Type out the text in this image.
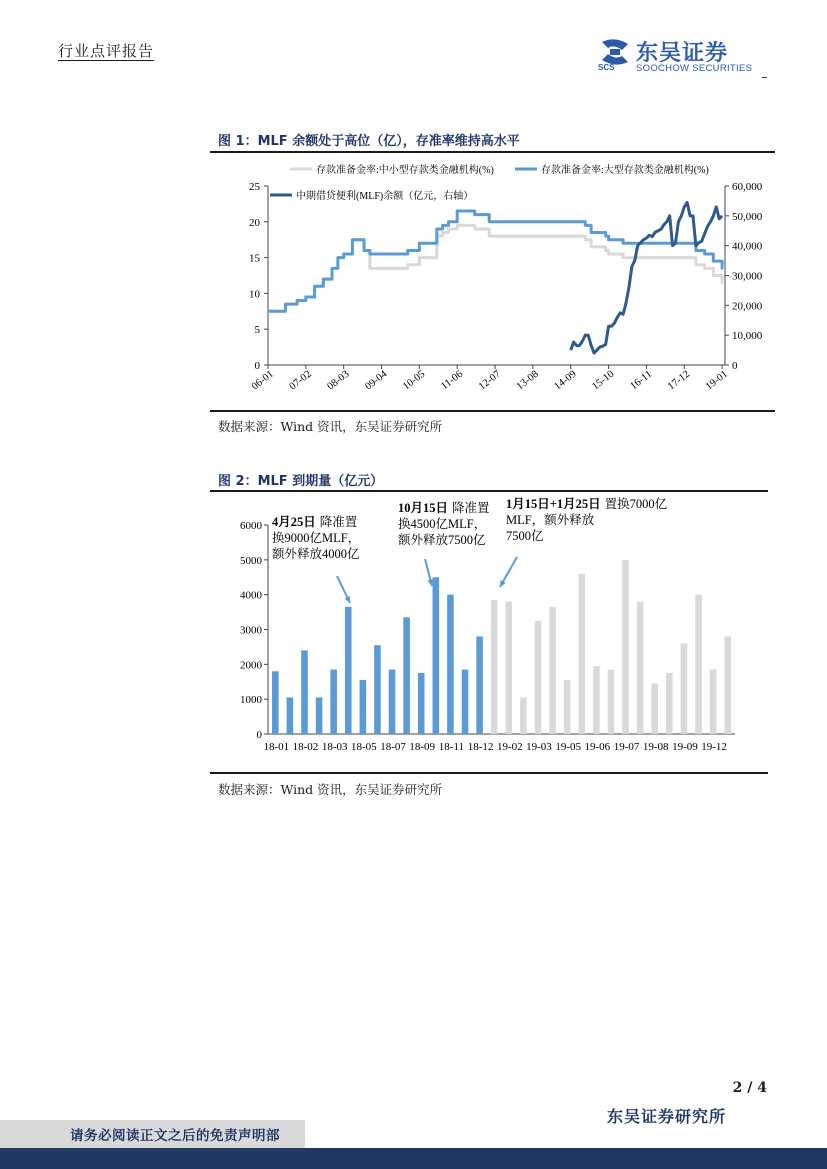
行业点评报告	东吴证券
SCS SOOCHOW SECURITIES
图 1：MLF 余额处于高位（亿），存准率维持高水平
0
5
10
15
20
25
0
10,000
20,000
30,000
40,000
50,000
60,000
06-01 07-02 08-03 09-04 10-05 11-06 12-07 13-08 14-09 15-10 16-11 17-12 19-01
存款准备金率:中小型存款类金融机构(%)	存款准备金率:大型存款类金融机构(%)
中期借贷便利(MLF)余额（亿元，右轴）
数据来源：Wind 资讯，东吴证券研究所
图 2：MLF 到期量（亿元）
0
1000
2000
3000
4000
5000
6000
18-01 18-02 18-03 18-05 18-07 18-09 18-11 18-12 19-02 19-03 19-05 19-06 19-07 19-08 19-09 19-12
4月25日 降准置换9000亿MLF，额外释放4000亿
10月15日 降准置换4500亿MLF，额外释放7500亿
1月15日+1月25日 置换7000亿 MLF，额外释放 7500亿
数据来源：Wind 资讯，东吴证券研究所
2 / 4
东吴证券研究所
请务必阅读正文之后的免责声明部
